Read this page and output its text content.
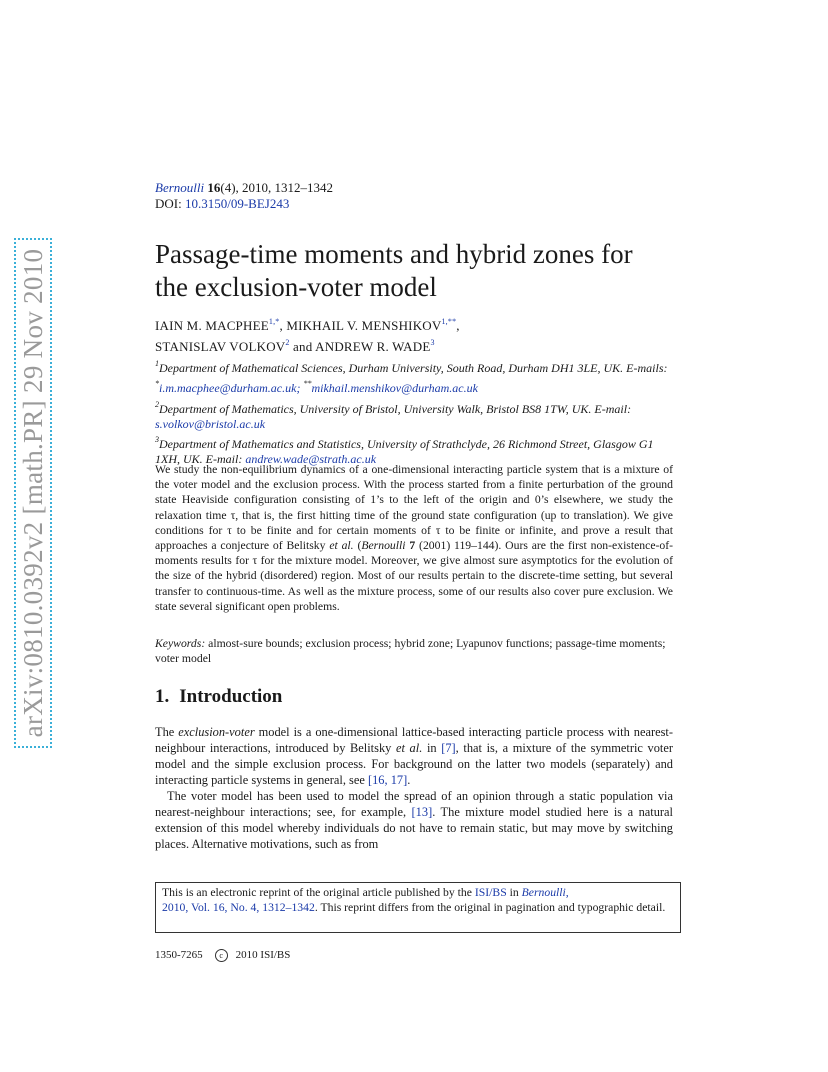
arXiv:0810.0392v2 [math.PR] 29 Nov 2010
Bernoulli 16(4), 2010, 1312–1342
DOI: 10.3150/09-BEJ243
Passage-time moments and hybrid zones for
the exclusion-voter model
IAIN M. $MACPHEE^{1,*}$, MIKHAIL V. $MENSHIKOV^{1,**}$,
STANISLAV VOLKOV$^2$ and ANDREW R. WADE$^3$

$^1$Department of Mathematical Sciences, Durham University, South Road, Durham DH1 3LE, UK. E-mails: *i.m.macphee@durham.ac.uk; **mikhail.menshikov@durham.ac.uk

$^2$Department of Mathematics, University of Bristol, University Walk, Bristol BS8 1TW, UK. E-mail: s.volkov@bristol.ac.uk

$^3$Department of Mathematics and Statistics, University of Strathclyde, 26 Richmond Street, Glasgow G1 1XH, UK. E-mail: andrew.wade@strath.ac.uk

We study the non-equilibrium dynamics of a one-dimensional interacting particle system that is a mixture of the voter model and the exclusion process. With the process started from a finite perturbation of the ground state Heaviside configuration consisting of 1’s to the left of the origin and 0’s elsewhere, we study the relaxation time τ, that is, the first hitting time of the ground state configuration (up to translation). We give conditions for τ to be finite and for certain moments of τ to be finite or infinite, and prove a result that approaches a conjecture of Belitsky et al. (Bernoulli 7 (2001) 119–144). Ours are the first non-existence-of-moments results for τ for the mixture model. Moreover, we give almost sure asymptotics for the evolution of the size of the hybrid (disordered) region. Most of our results pertain to the discrete-time setting, but several transfer to continuous-time. As well as the mixture process, some of our results also cover pure exclusion. We state several significant open problems.
Keywords: almost-sure bounds; exclusion process; hybrid zone; Lyapunov functions; passage-time moments; voter model
1. Introduction

The exclusion-voter model is a one-dimensional lattice-based interacting particle process with nearest-neighbour interactions, introduced by Belitsky et al. in [7], that is, a mixture of the symmetric voter model and the simple exclusion process. For background on the latter two models (separately) and interacting particle systems in general, see [16, 17].

The voter model has been used to model the spread of an opinion through a static population via nearest-neighbour interactions; see, for example, [13]. The mixture model studied here is a natural extension of this model whereby individuals do not have to remain static, but may move by switching places. Alternative motivations, such as from

This is an electronic reprint of the original article published by the ISI/BS in Bernoulli,
2010, Vol. 16, No. 4, 1312–1342. This reprint differs from the original in pagination and typographic detail.
1350-7265 c 2010 ISI/BS
